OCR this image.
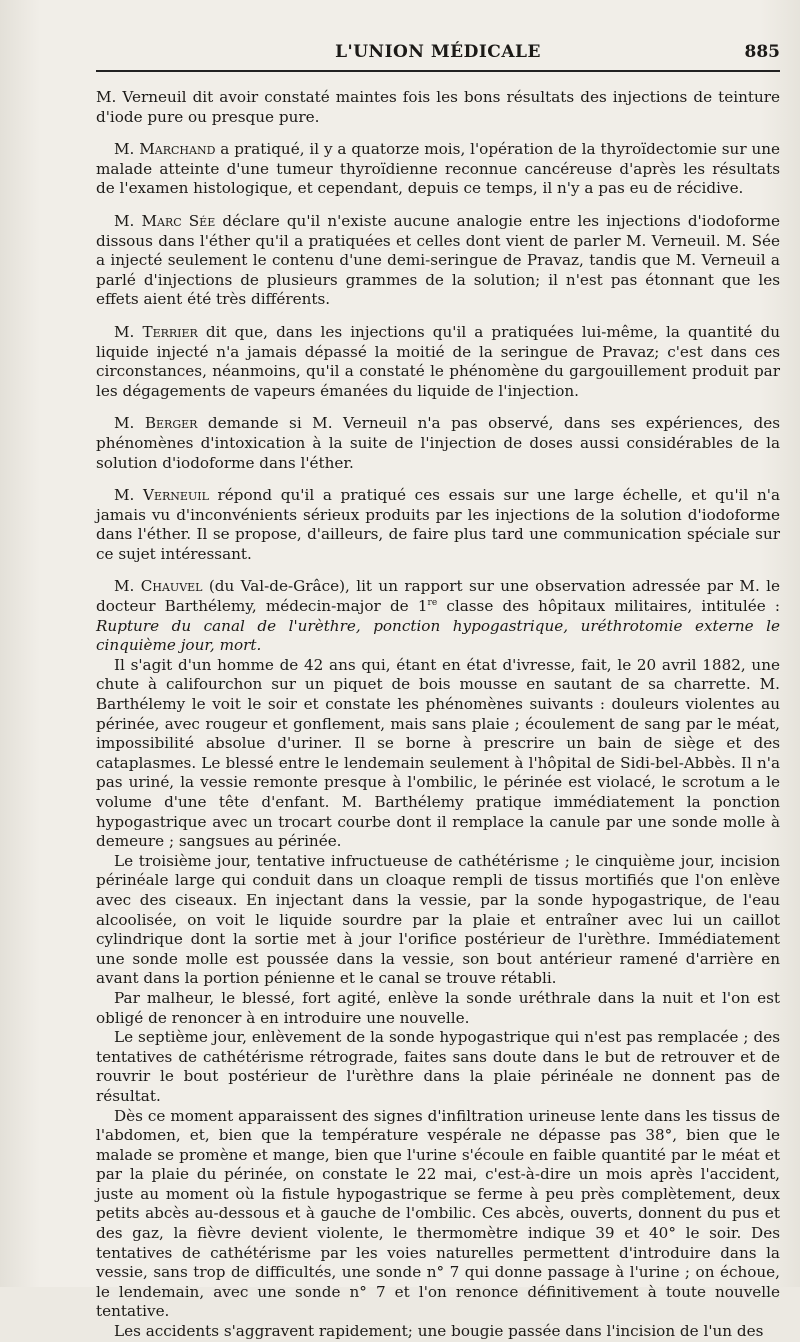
L'UNION MÉDICALE	885

M. Verneuil dit avoir constaté maintes fois les bons résultats des injections de teinture d'iode pure ou presque pure.

M. Marchand a pratiqué, il y a quatorze mois, l'opération de la thyroïdectomie sur une malade atteinte d'une tumeur thyroïdienne reconnue cancéreuse d'après les résultats de l'examen histologique, et cependant, depuis ce temps, il n'y a pas eu de récidive.

M. Marc Sée déclare qu'il n'existe aucune analogie entre les injections d'iodoforme dissous dans l'éther qu'il a pratiquées et celles dont vient de parler M. Verneuil. M. Sée a injecté seulement le contenu d'une demi-seringue de Pravaz, tandis que M. Verneuil a parlé d'injections de plusieurs grammes de la solution; il n'est pas étonnant que les effets aient été très différents.

M. Terrier dit que, dans les injections qu'il a pratiquées lui-même, la quantité du liquide injecté n'a jamais dépassé la moitié de la seringue de Pravaz; c'est dans ces circonstances, néanmoins, qu'il a constaté le phénomène du gargouillement produit par les dégagements de vapeurs émanées du liquide de l'injection.

M. Berger demande si M. Verneuil n'a pas observé, dans ses expériences, des phénomènes d'intoxication à la suite de l'injection de doses aussi considérables de la solution d'iodoforme dans l'éther.

M. Verneuil répond qu'il a pratiqué ces essais sur une large échelle, et qu'il n'a jamais vu d'inconvénients sérieux produits par les injections de la solution d'iodoforme dans l'éther. Il se propose, d'ailleurs, de faire plus tard une communication spéciale sur ce sujet intéressant.

M. Chauvel (du Val-de-Grâce), lit un rapport sur une observation adressée par M. le docteur Barthélemy, médecin-major de 1re classe des hôpitaux militaires, intitulée : Rupture du canal de l'urèthre, ponction hypogastrique, uréthrotomie externe le cinquième jour, mort.

Il s'agit d'un homme de 42 ans qui, étant en état d'ivresse, fait, le 20 avril 1882, une chute à califourchon sur un piquet de bois mousse en sautant de sa charrette. M. Barthélemy le voit le soir et constate les phénomènes suivants : douleurs violentes au périnée, avec rougeur et gonflement, mais sans plaie ; écoulement de sang par le méat, impossibilité absolue d'uriner. Il se borne à prescrire un bain de siège et des cataplasmes. Le blessé entre le lendemain seulement à l'hôpital de Sidi-bel-Abbès. Il n'a pas uriné, la vessie remonte presque à l'ombilic, le périnée est violacé, le scrotum a le volume d'une tête d'enfant. M. Barthélemy pratique immédiatement la ponction hypogastrique avec un trocart courbe dont il remplace la canule par une sonde molle à demeure ; sangsues au périnée.

Le troisième jour, tentative infructueuse de cathétérisme ; le cinquième jour, incision périnéale large qui conduit dans un cloaque rempli de tissus mortifiés que l'on enlève avec des ciseaux. En injectant dans la vessie, par la sonde hypogastrique, de l'eau alcoolisée, on voit le liquide sourdre par la plaie et entraîner avec lui un caillot cylindrique dont la sortie met à jour l'orifice postérieur de l'urèthre. Immédiatement une sonde molle est poussée dans la vessie, son bout antérieur ramené d'arrière en avant dans la portion pénienne et le canal se trouve rétabli.

Par malheur, le blessé, fort agité, enlève la sonde uréthrale dans la nuit et l'on est obligé de renoncer à en introduire une nouvelle.

Le septième jour, enlèvement de la sonde hypogastrique qui n'est pas remplacée ; des tentatives de cathétérisme rétrograde, faites sans doute dans le but de retrouver et de rouvrir le bout postérieur de l'urèthre dans la plaie périnéale ne donnent pas de résultat.

Dès ce moment apparaissent des signes d'infiltration urineuse lente dans les tissus de l'abdomen, et, bien que la température vespérale ne dépasse pas 38°, bien que le malade se promène et mange, bien que l'urine s'écoule en faible quantité par le méat et par la plaie du périnée, on constate le 22 mai, c'est-à-dire un mois après l'accident, juste au moment où la fistule hypogastrique se ferme à peu près complètement, deux petits abcès au-dessous et à gauche de l'ombilic. Ces abcès, ouverts, donnent du pus et des gaz, la fièvre devient violente, le thermomètre indique 39 et 40° le soir. Des tentatives de cathétérisme par les voies naturelles permettent d'introduire dans la vessie, sans trop de difficultés, une sonde n° 7 qui donne passage à l'urine ; on échoue, le lendemain, avec une sonde n° 7 et l'on renonce définitivement à toute nouvelle tentative.

Les accidents s'aggravent rapidement; une bougie passée dans l'incision de l'un des
